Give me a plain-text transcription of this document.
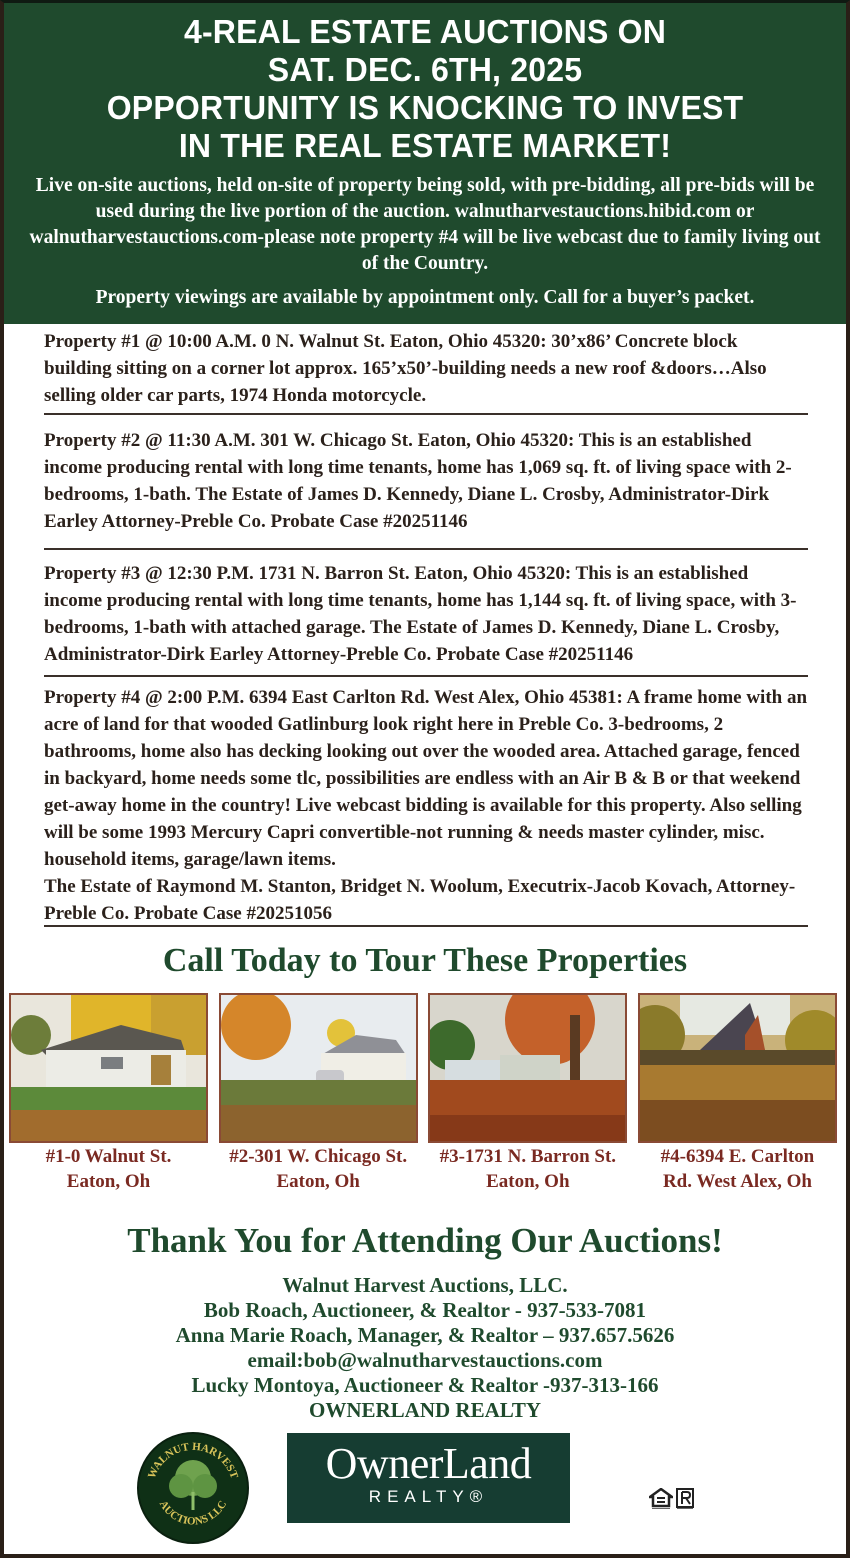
4-REAL ESTATE AUCTIONS ON
SAT. DEC. 6TH, 2025
OPPORTUNITY IS KNOCKING TO INVEST
IN THE REAL ESTATE MARKET!

Live on-site auctions, held on-site of property being sold, with pre-bidding, all pre-bids will be used during the live portion of the auction. walnutharvestauctions.hibid.com or walnutharvestauctions.com-please note property #4 will be live webcast due to family living out of the Country.

Property viewings are available by appointment only. Call for a buyer’s packet.

Property #1 @ 10:00 A.M. 0 N. Walnut St. Eaton, Ohio 45320: 30’x86’ Concrete block building sitting on a corner lot approx. 165’x50’-building needs a new roof &doors…Also selling older car parts, 1974 Honda motorcycle.

Property #2 @ 11:30 A.M. 301 W. Chicago St. Eaton, Ohio 45320: This is an established income producing rental with long time tenants, home has 1,069 sq. ft. of living space with 2-bedrooms, 1-bath. The Estate of James D. Kennedy, Diane L. Crosby, Administrator-Dirk Earley Attorney-Preble Co. Probate Case #20251146

Property #3 @ 12:30 P.M. 1731 N. Barron St. Eaton, Ohio 45320: This is an established income producing rental with long time tenants, home has 1,144 sq. ft. of living space, with 3-bedrooms, 1-bath with attached garage. The Estate of James D. Kennedy, Diane L. Crosby, Administrator-Dirk Earley Attorney-Preble Co. Probate Case #20251146

Property #4 @ 2:00 P.M. 6394 East Carlton Rd. West Alex, Ohio 45381: A frame home with an acre of land for that wooded Gatlinburg look right here in Preble Co. 3-bedrooms, 2 bathrooms, home also has decking looking out over the wooded area. Attached garage, fenced in backyard, home needs some tlc, possibilities are endless with an Air B & B or that weekend get-away home in the country! Live webcast bidding is available for this property. Also selling will be some 1993 Mercury Capri convertible-not running & needs master cylinder, misc. household items, garage/lawn items.

The Estate of Raymond M. Stanton, Bridget N. Woolum, Executrix-Jacob Kovach, Attorney-Preble Co. Probate Case #20251056

Call Today to Tour These Properties
#1-0 Walnut St.
Eaton, Oh
#2-301 W. Chicago St.
Eaton, Oh
#3-1731 N. Barron St.
Eaton, Oh
#4-6394 E. Carlton
Rd. West Alex, Oh
Thank You for Attending Our Auctions!
Walnut Harvest Auctions, LLC.
Bob Roach, Auctioneer, & Realtor - 937-533-7081
Anna Marie Roach, Manager, & Realtor – 937.657.5626
email:bob@walnutharvestauctions.com
Lucky Montoya, Auctioneer & Realtor -937-313-166
OWNERLAND REALTY
WALNUT HARVEST
AUCTIONS LLC
OwnerLand
REALTY®
